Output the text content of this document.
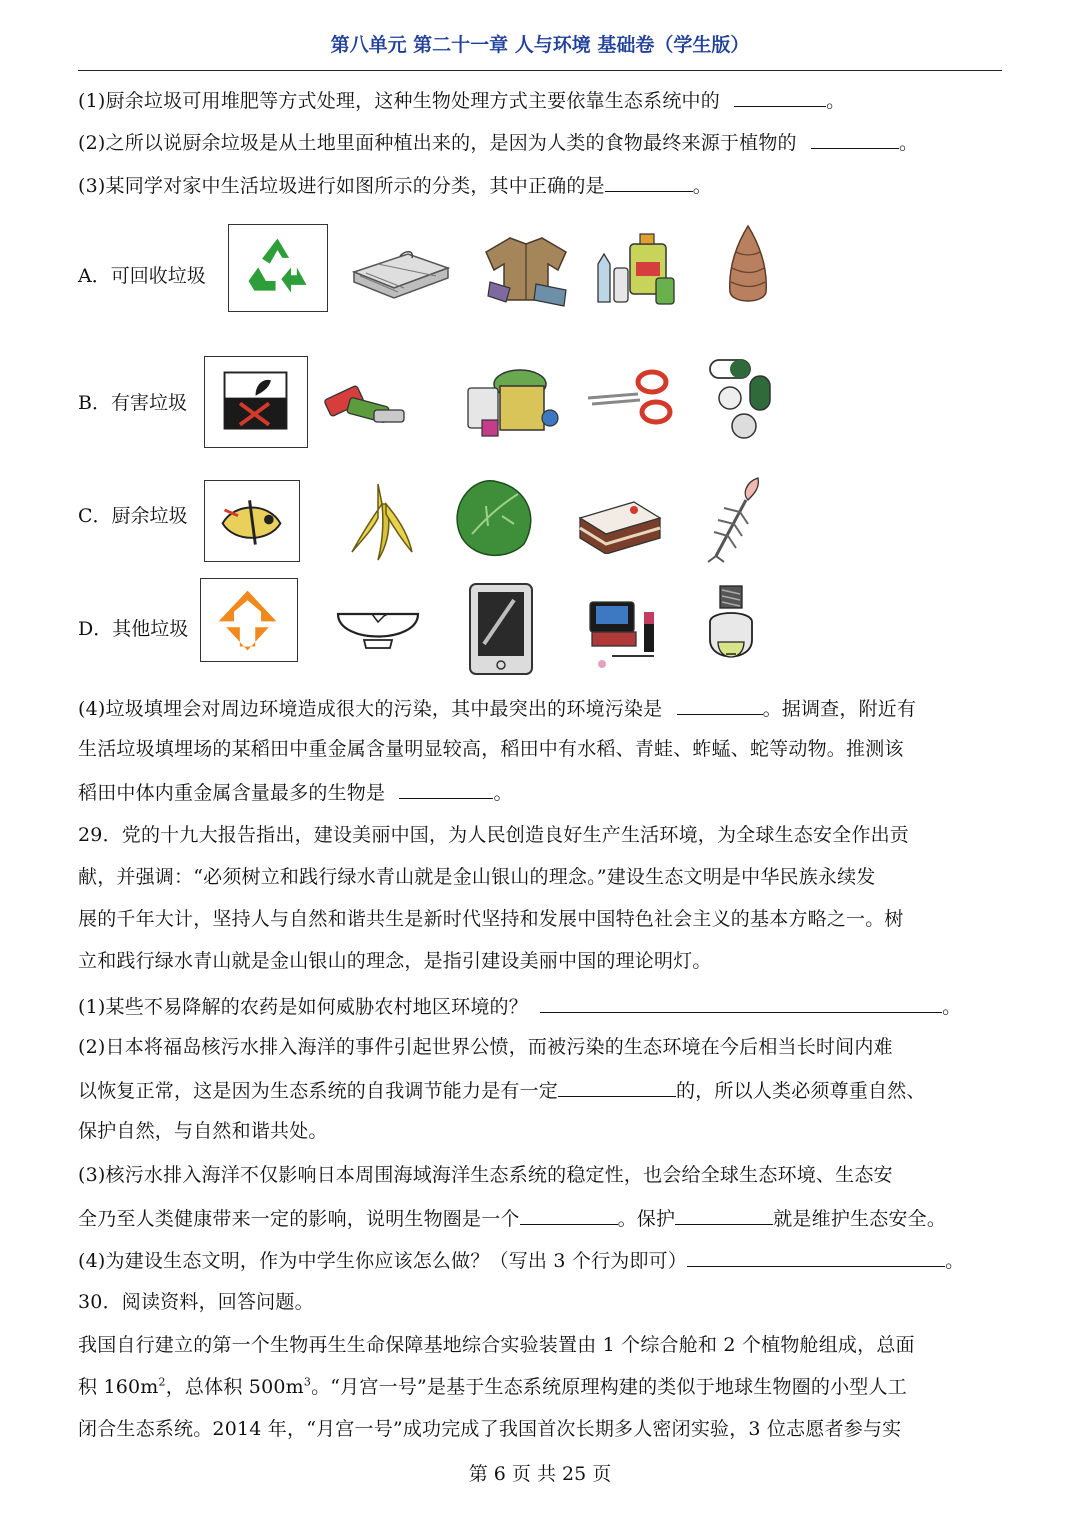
第八单元 第二十一章 人与环境 基础卷（学生版）
(1)厨余垃圾可用堆肥等方式处理，这种生物处理方式主要依靠生态系统中的	。
(2)之所以说厨余垃圾是从土地里面种植出来的，是因为人类的食物最终来源于植物的	。
(3)某同学对家中生活垃圾进行如图所示的分类，其中正确的是	。
A．可回收垃圾
B．有害垃圾
C．厨余垃圾
D．其他垃圾
(4)垃圾填埋会对周边环境造成很大的污染，其中最突出的环境污染是	。据调查，附近有
生活垃圾填埋场的某稻田中重金属含量明显较高，稻田中有水稻、青蛙、蚱蜢、蛇等动物。推测该
稻田中体内重金属含量最多的生物是	。
29．党的十九大报告指出，建设美丽中国，为人民创造良好生产生活环境，为全球生态安全作出贡
献，并强调：“必须树立和践行绿水青山就是金山银山的理念。”建设生态文明是中华民族永续发
展的千年大计，坚持人与自然和谐共生是新时代坚持和发展中国特色社会主义的基本方略之一。树
立和践行绿水青山就是金山银山的理念，是指引建设美丽中国的理论明灯。
(1)某些不易降解的农药是如何威胁农村地区环境的？	。
(2)日本将福岛核污水排入海洋的事件引起世界公愤，而被污染的生态环境在今后相当长时间内难
以恢复正常，这是因为生态系统的自我调节能力是有一定	的，所以人类必须尊重自然、
保护自然，与自然和谐共处。
(3)核污水排入海洋不仅影响日本周围海域海洋生态系统的稳定性，也会给全球生态环境、生态安
全乃至人类健康带来一定的影响，说明生物圈是一个	。保护	就是维护生态安全。
(4)为建设生态文明，作为中学生你应该怎么做？（写出 3 个行为即可）	。
30．阅读资料，回答问题。
我国自行建立的第一个生物再生生命保障基地综合实验装置由 1 个综合舱和 2 个植物舱组成，总面
积 $160m^2$，总体积 $500m^3$。“月宫一号”是基于生态系统原理构建的类似于地球生物圈的小型人工
闭合生态系统。2014 年，“月宫一号”成功完成了我国首次长期多人密闭实验，3 位志愿者参与实
第 6 页 共 25 页
